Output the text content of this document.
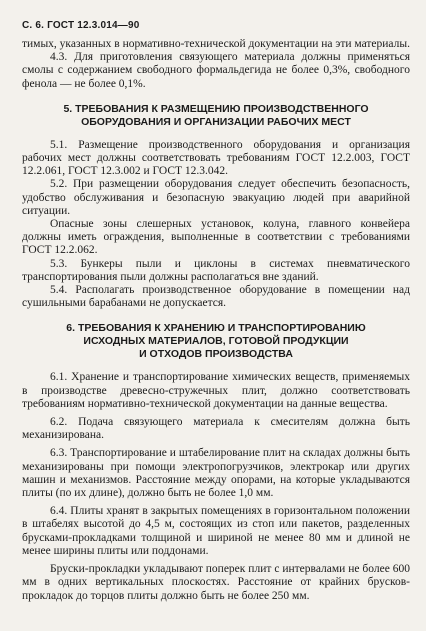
С. 6. ГОСТ 12.3.014—90

тимых, указанных в нормативно-технической документации на эти материалы.

4.3. Для приготовления связующего материала должны применяться смолы с содержанием свободного формальдегида не более 0,3%, свободного фенола — не более 0,1%.

5. ТРЕБОВАНИЯ К РАЗМЕЩЕНИЮ ПРОИЗВОДСТВЕННОГО
ОБОРУДОВАНИЯ И ОРГАНИЗАЦИИ РАБОЧИХ МЕСТ

5.1. Размещение производственного оборудования и организация рабочих мест должны соответствовать требованиям ГОСТ 12.2.003, ГОСТ 12.2.061, ГОСТ 12.3.002 и ГОСТ 12.3.042.

5.2. При размещении оборудования следует обеспечить безопасность, удобство обслуживания и безопасную эвакуацию людей при аварийной ситуации.

Опасные зоны слешерных установок, колуна, главного конвейера должны иметь ограждения, выполненные в соответствии с требованиями ГОСТ 12.2.062.

5.3. Бункеры пыли и циклоны в системах пневматического транспортирования пыли должны располагаться вне зданий.

5.4. Располагать производственное оборудование в помещении над сушильными барабанами не допускается.

6. ТРЕБОВАНИЯ К ХРАНЕНИЮ И ТРАНСПОРТИРОВАНИЮ
ИСХОДНЫХ МАТЕРИАЛОВ, ГОТОВОЙ ПРОДУКЦИИ
И ОТХОДОВ ПРОИЗВОДСТВА

6.1. Хранение и транспортирование химических веществ, применяемых в производстве древесно-стружечных плит, должно соответствовать требованиям нормативно-технической документации на данные вещества.

6.2. Подача связующего материала к смесителям должна быть механизирована.

6.3. Транспортирование и штабелирование плит на складах должны быть механизированы при помощи электропогрузчиков, электрокар или других машин и механизмов. Расстояние между опорами, на которые укладываются плиты (по их длине), должно быть не более 1,0 мм.

6.4. Плиты хранят в закрытых помещениях в горизонтальном положении в штабелях высотой до 4,5 м, состоящих из стоп или пакетов, разделенных брусками-прокладками толщиной и шириной не менее 80 мм и длиной не менее ширины плиты или поддонами.

Бруски-прокладки укладывают поперек плит с интервалами не более 600 мм в одних вертикальных плоскостях. Расстояние от крайних брусков-прокладок до торцов плиты должно быть не более 250 мм.
